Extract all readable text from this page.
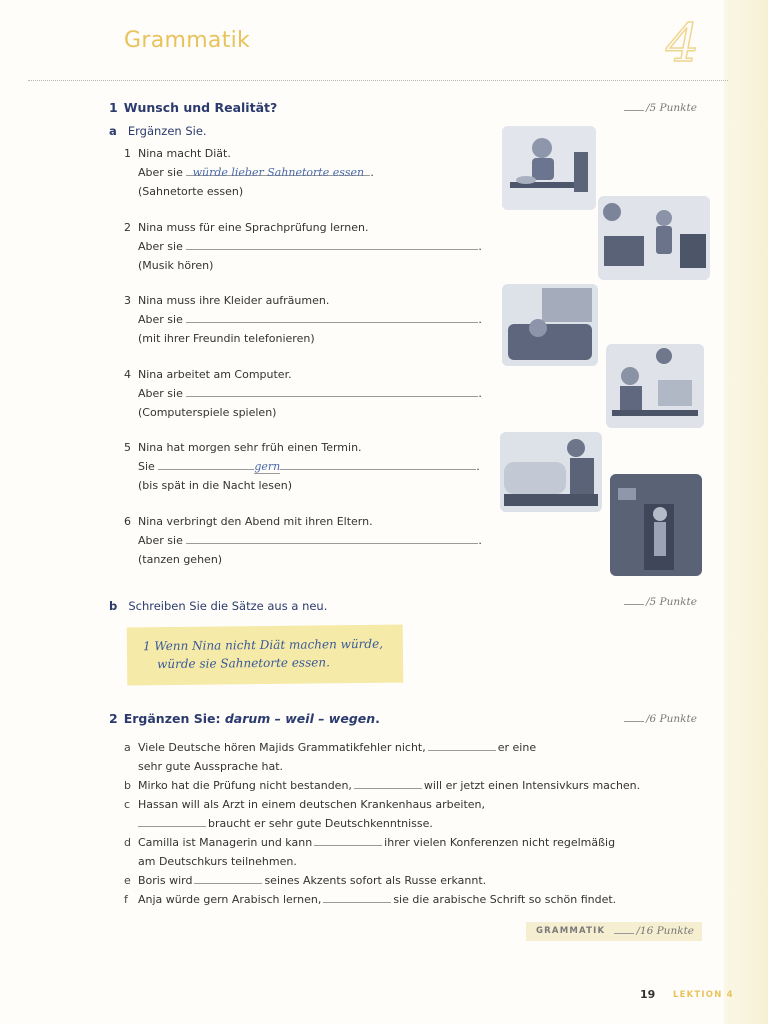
Grammatik	4
1 Wunsch und Realität?	/5 Punkte
a Ergänzen Sie.
1 Nina macht Diät.
Aber sie würde lieber Sahnetorte essen .
(Sahnetorte essen)
2 Nina muss für eine Sprachprüfung lernen.
Aber sie	.
(Musik hören)
3 Nina muss ihre Kleider aufräumen.
Aber sie	.
(mit ihrer Freundin telefonieren)
4 Nina arbeitet am Computer.
Aber sie	.
(Computerspiele spielen)
5 Nina hat morgen sehr früh einen Termin.
Sie	gern	.
(bis spät in die Nacht lesen)
6 Nina verbringt den Abend mit ihren Eltern.
Aber sie	.
(tanzen gehen)
b Schreiben Sie die Sätze aus a neu.	/5 Punkte
1 Wenn Nina nicht Diät machen würde,
würde sie Sahnetorte essen.
2 Ergänzen Sie: darum – weil – wegen.	/6 Punkte
a Viele Deutsche hören Majids Grammatikfehler nicht,	er eine
sehr gute Aussprache hat.
b Mirko hat die Prüfung nicht bestanden,	will er jetzt einen Intensivkurs machen.
c Hassan will als Arzt in einem deutschen Krankenhaus arbeiten,
braucht er sehr gute Deutschkenntnisse.
d Camilla ist Managerin und kann	ihrer vielen Konferenzen nicht regelmäßig
am Deutschkurs teilnehmen.
e Boris wird	seines Akzents sofort als Russe erkannt.
f Anja würde gern Arabisch lernen,	sie die arabische Schrift so schön findet.
GRAMMATIK	/16 Punkte
19 LEKTION 4
